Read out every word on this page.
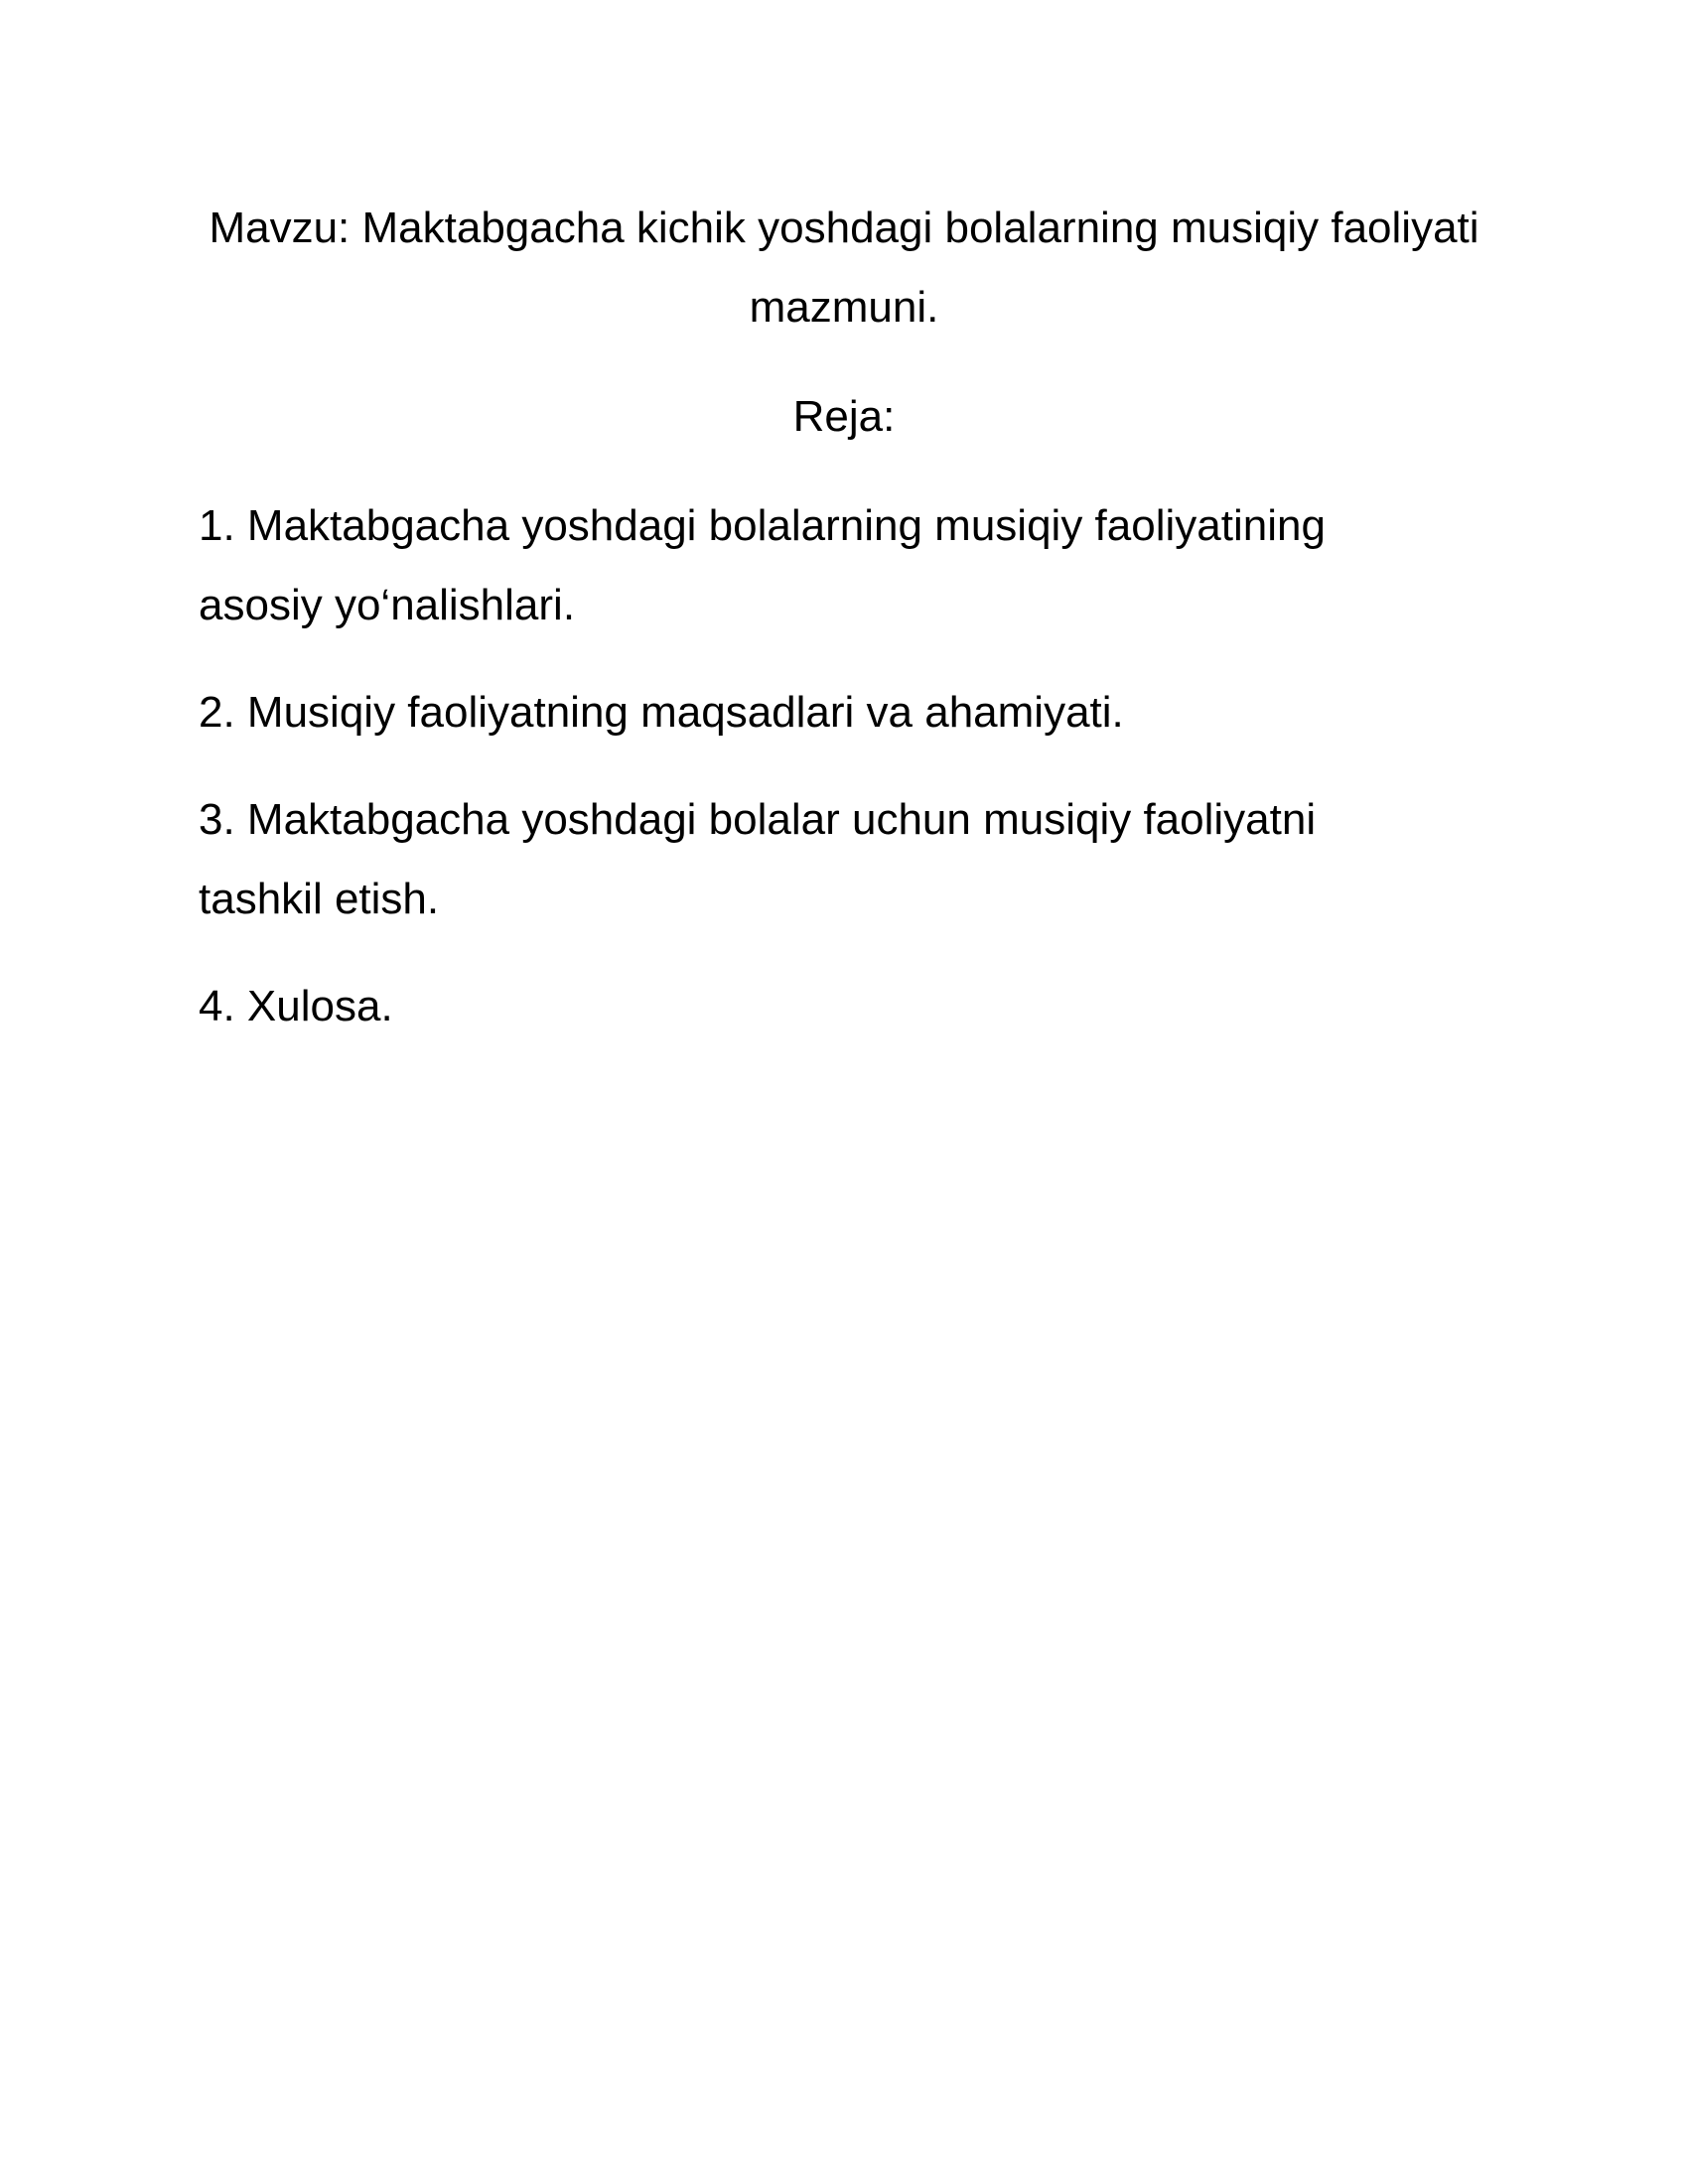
Mavzu: Maktabgacha kichik yoshdagi bolalarning musiqiy faoliyati mazmuni.

Reja:

1. Maktabgacha yoshdagi bolalarning musiqiy faoliyatining asosiy yo‘nalishlari.
2. Musiqiy faoliyatning maqsadlari va ahamiyati.
3. Maktabgacha yoshdagi bolalar uchun musiqiy faoliyatni tashkil etish.
4. Xulosa.
